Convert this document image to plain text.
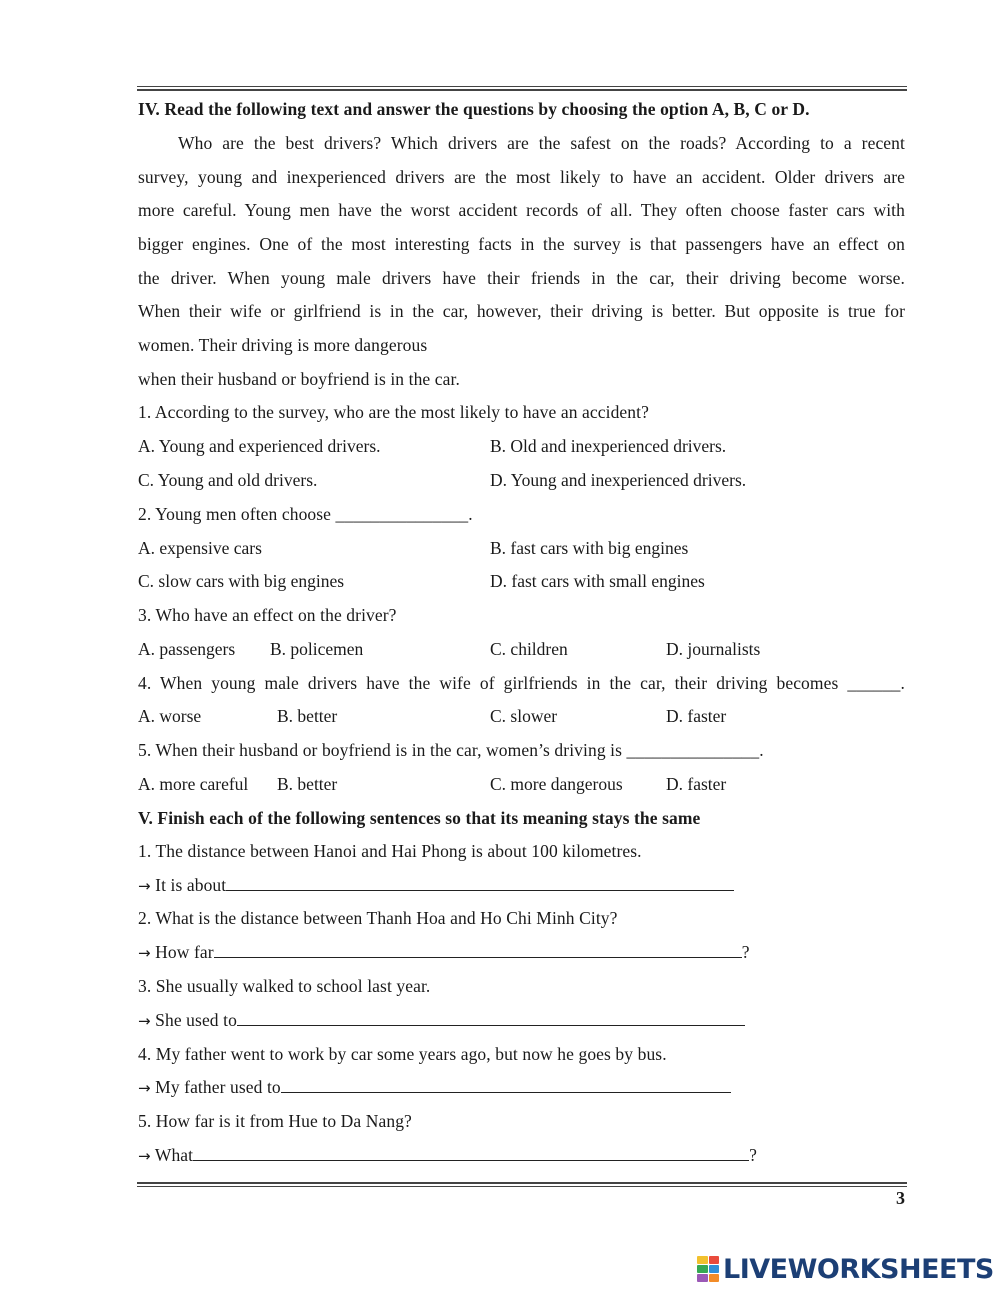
IV. Read the following text and answer the questions by choosing the option A, B, C or D.
Who are the best drivers? Which drivers are the safest on the roads? According to a recent
survey, young and inexperienced drivers are the most likely to have an accident. Older drivers are
more careful. Young men have the worst accident records of all. They often choose faster cars with
bigger engines. One of the most interesting facts in the survey is that passengers have an effect on
the driver. When young male drivers have their friends in the car, their driving become worse.
When their wife or girlfriend is in the car, however, their driving is better. But opposite is true for
women. Their driving is more dangerous
when their husband or boyfriend is in the car.
1. According to the survey, who are the most likely to have an accident?
A. Young and experienced drivers.	B. Old and inexperienced drivers.
C. Young and old drivers.	D. Young and inexperienced drivers.
2. Young men often choose _______________.
A. expensive cars	B. fast cars with big engines
C. slow cars with big engines	D. fast cars with small engines
3. Who have an effect on the driver?
A. passengers B. policemen	C. children	D. journalists
4. When young male drivers have the wife of girlfriends in the car, their driving becomes ______.
A. worse	B. better	C. slower	D. faster
5. When their husband or boyfriend is in the car, women’s driving is _______________.
A. more careful B. better	C. more dangerous D. faster
V. Finish each of the following sentences so that its meaning stays the same
1. The distance between Hanoi and Hai Phong is about 100 kilometres.
→ It is about
2. What is the distance between Thanh Hoa and Ho Chi Minh City?
→ How far	?
3. She usually walked to school last year.
→ She used to
4. My father went to work by car some years ago, but now he goes by bus.
→ My father used to
5. How far is it from Hue to Da Nang?
→ What	?
3
LIVEWORKSHEETS
